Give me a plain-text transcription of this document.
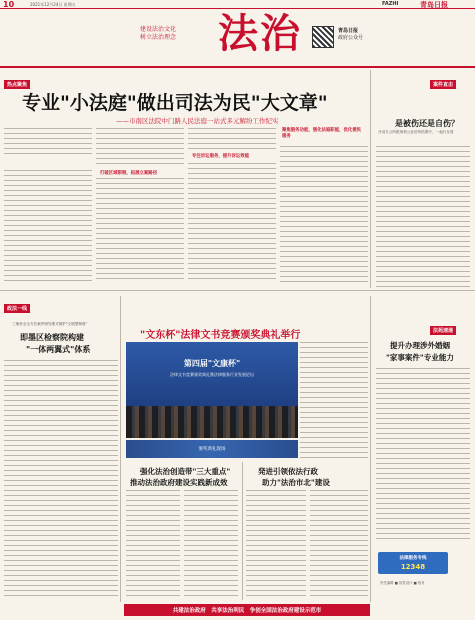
10	2021年12月24日 星期五	FAZHI	青岛日报
建设法治文化
树立法治理念	法治	青岛日报
政府公众号
热点聚焦
专业"小法庭"做出司法为民"大文章"
——市南区法院中门路人民法庭一站式多元解纷工作纪实

打破区域限制，拓展立案路径
专注诉讼服务，提升诉讼效能
聚焦服务功能，强化法庭职能，优化便民服务
案件直击
是被伤还是自伤？
开双方公所报别和公业后所结果中，一起行互驳
政法一线
三案补全全方位案件研究维式保护"文明型制度"
即墨区检察院构建
"一体两翼式"体系
"文东杯"法律文书竞赛颁奖典礼举行
第四届"文康杯"
法律文书竞赛颁奖典礼暨法律服务行业发展论坛
颁奖典礼现场
强化法治创造带"三大重点"
推动法治政府建设实践新成效
発进引领依法行政
助力"法治市北"建设
法苑速递
提升办理涉外婚姻
"家事案件"专业能力
法律服务专线
12348
责任编辑 ■ 视觉设计 ■ 校对
共建法治政府　共享法治利民　争创全国法治政府建设示范市
